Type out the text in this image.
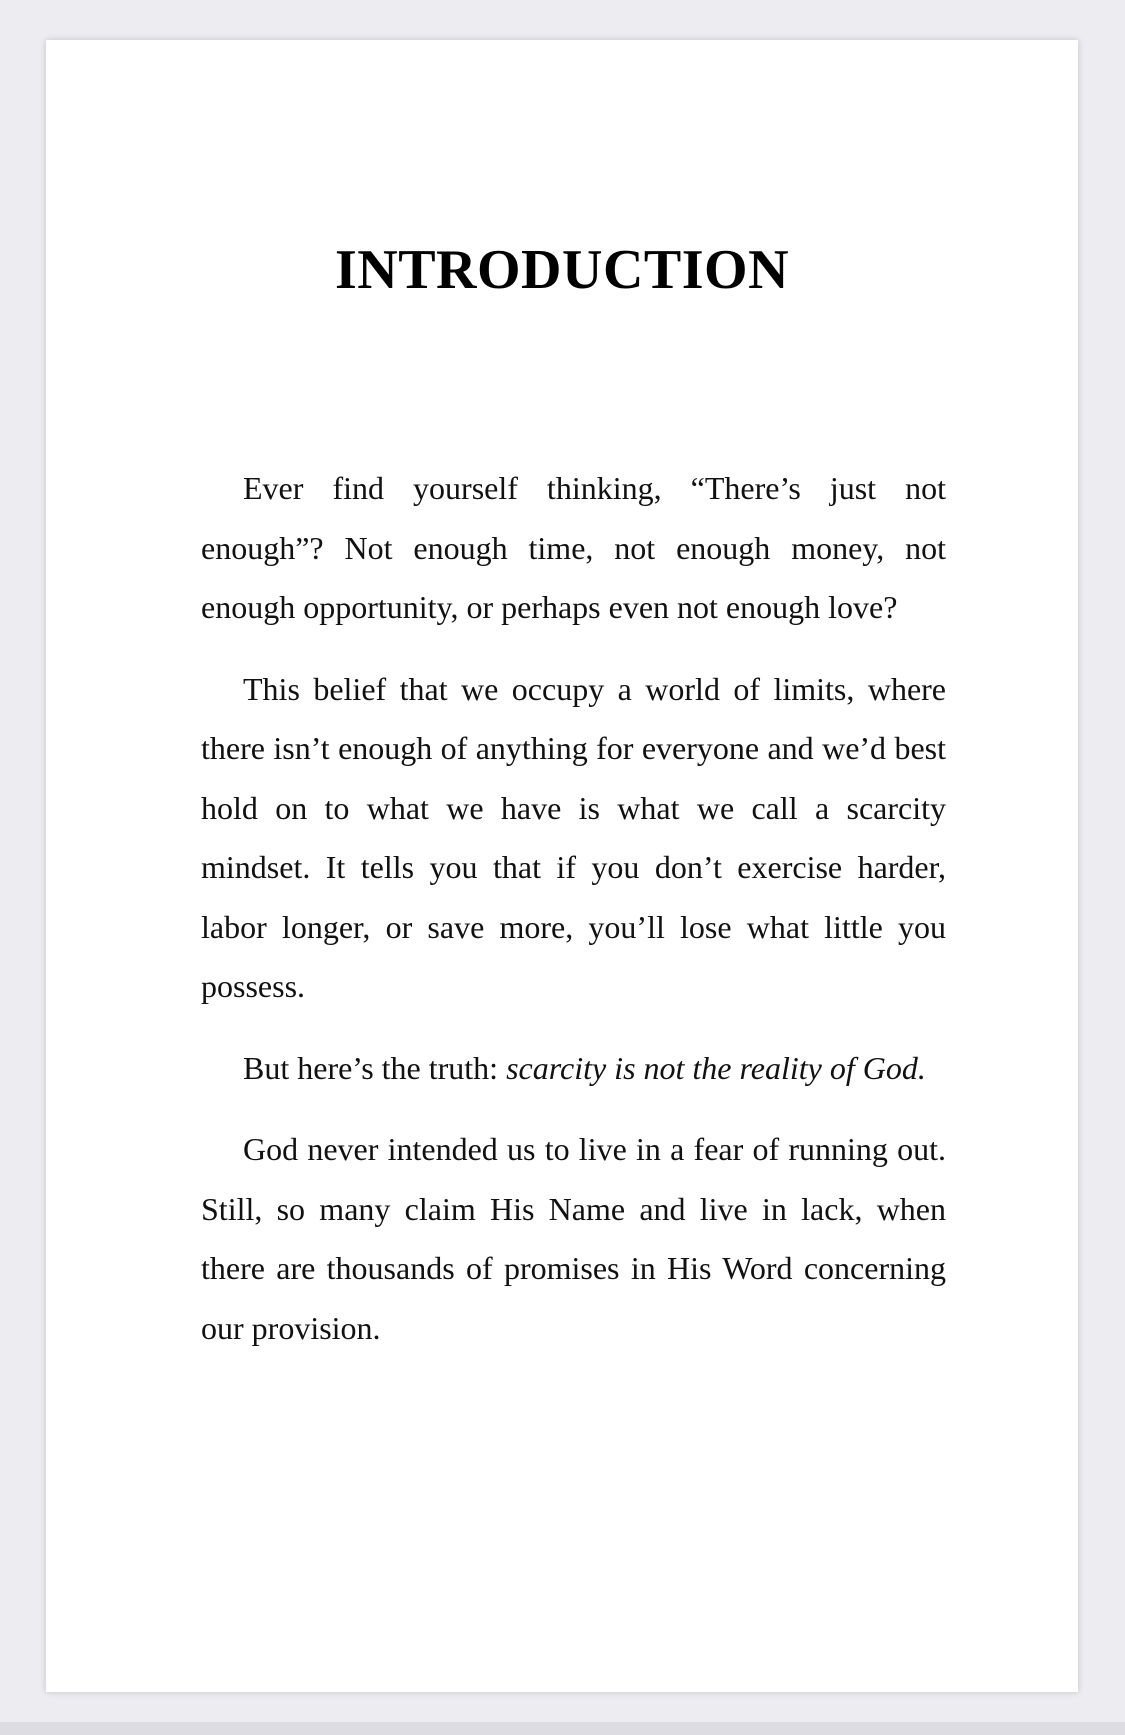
INTRODUCTION

Ever find yourself thinking, “There’s just not enough”? Not enough time, not enough money, not enough opportunity, or perhaps even not enough love?

This belief that we occupy a world of limits, where there isn’t enough of anything for everyone and we’d best hold on to what we have is what we call a scarcity mindset. It tells you that if you don’t exercise harder, labor longer, or save more, you’ll lose what little you possess.

But here’s the truth: scarcity is not the reality of God.

God never intended us to live in a fear of running out. Still, so many claim His Name and live in lack, when there are thousands of promises in His Word concerning our provision.
